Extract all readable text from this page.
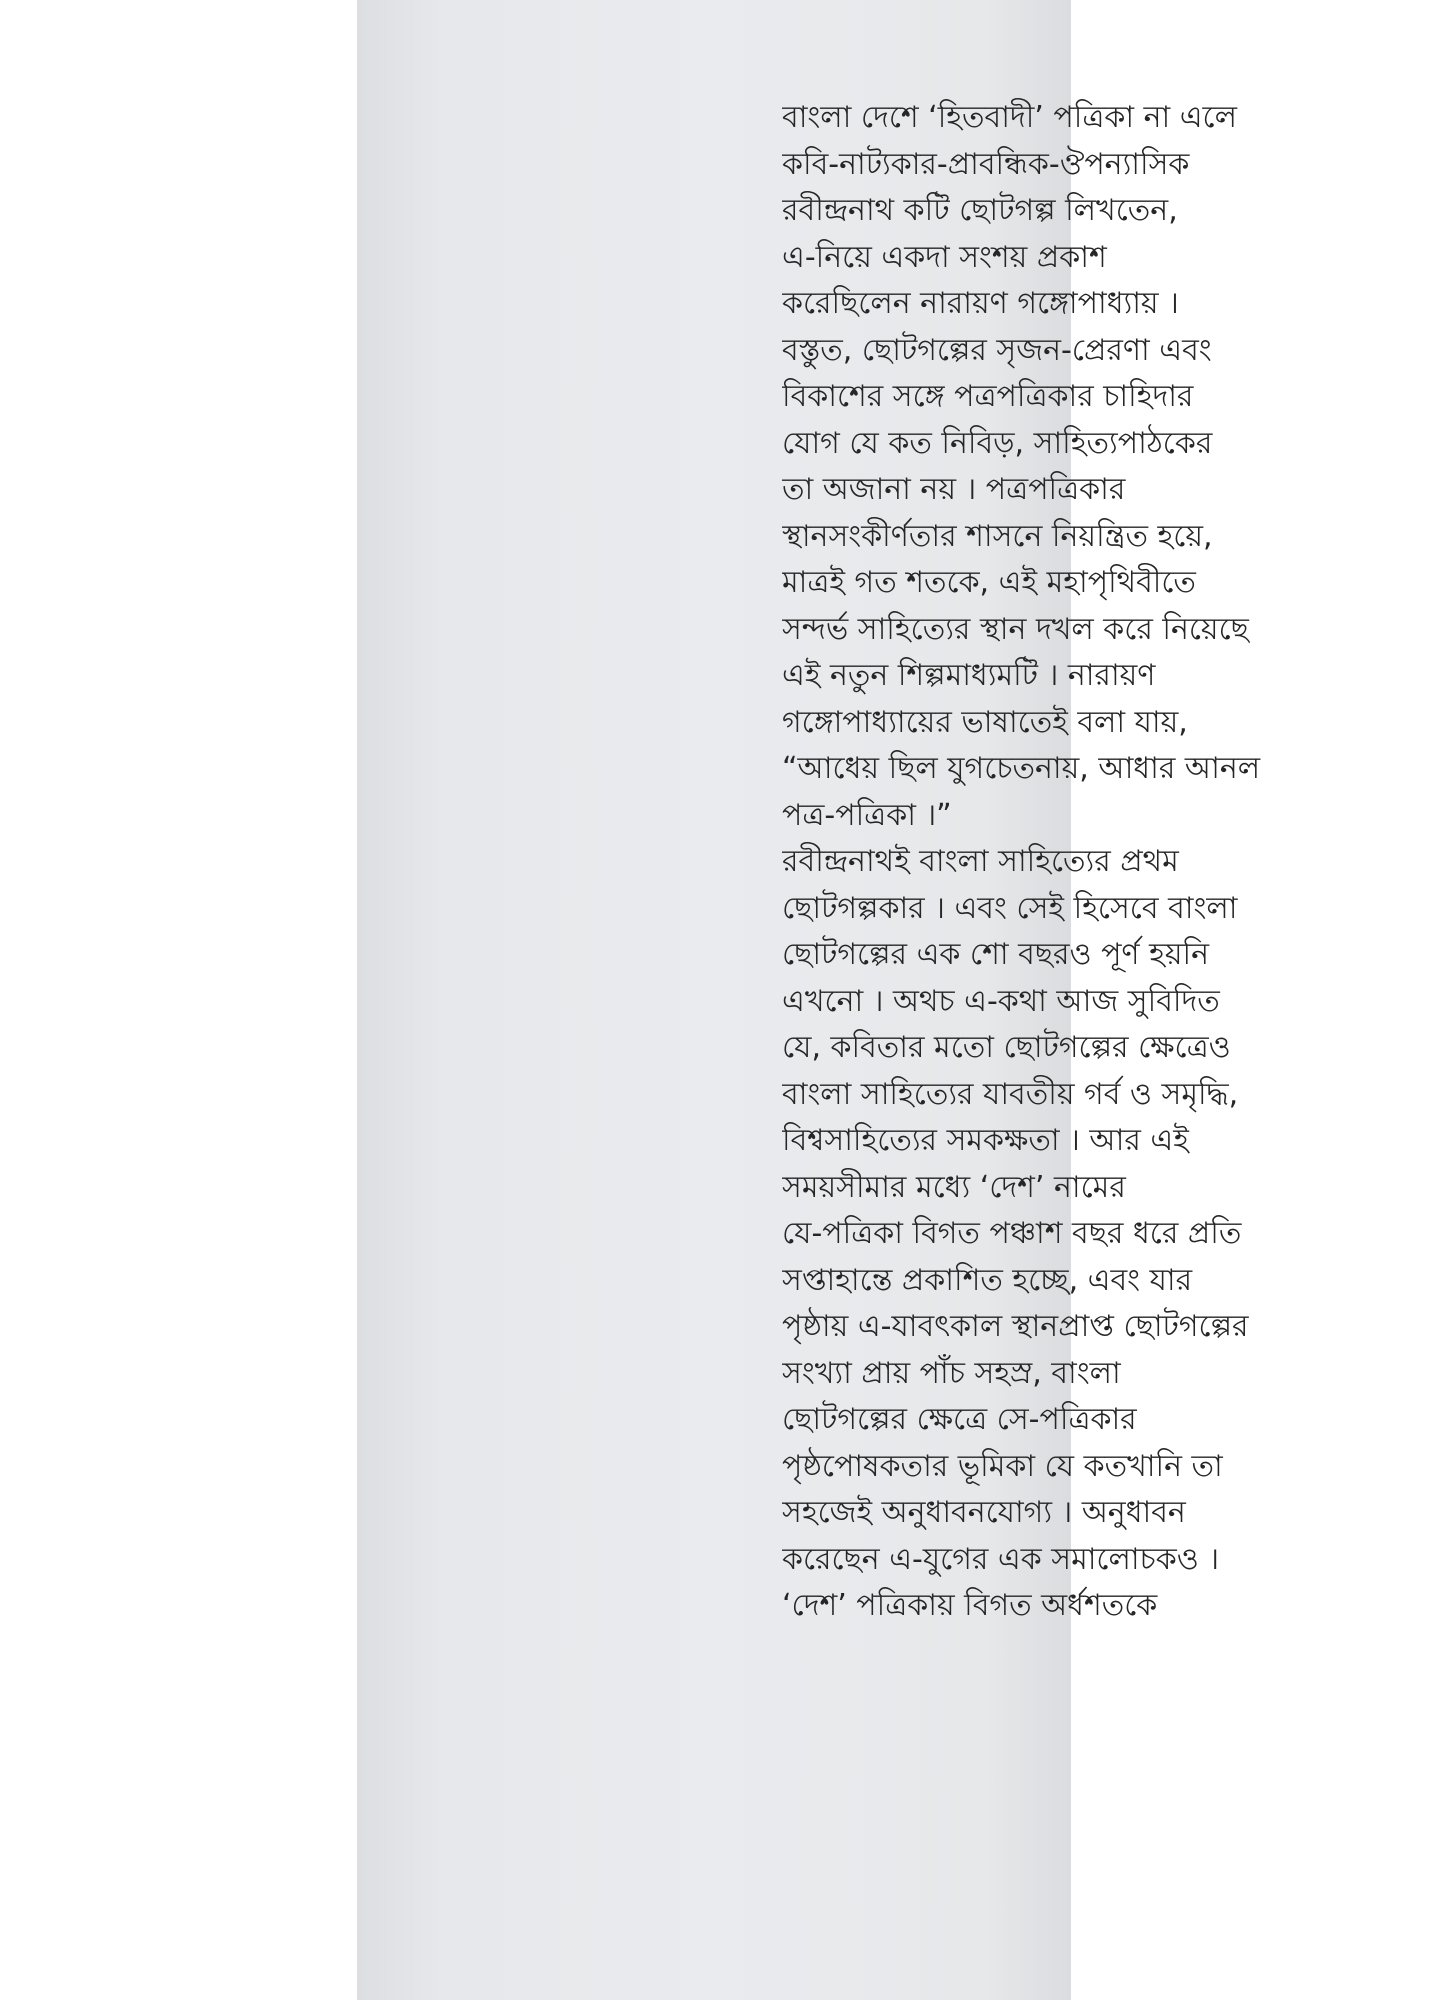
বাংলা দেশে ‘হিতবাদী’ পত্রিকা না এলে
কবি-নাট্যকার-প্রাবন্ধিক-ঔপন্যাসিক
রবীন্দ্রনাথ কটি ছোটগল্প লিখতেন,
এ-নিয়ে একদা সংশয় প্রকাশ
করেছিলেন নারায়ণ গঙ্গোপাধ্যায় ।
বস্তুত, ছোটগল্পের সৃজন-প্রেরণা এবং
বিকাশের সঙ্গে পত্রপত্রিকার চাহিদার
যোগ যে কত নিবিড়, সাহিত্যপাঠকের
তা অজানা নয় । পত্রপত্রিকার
স্থানসংকীর্ণতার শাসনে নিয়ন্ত্রিত হয়ে,
মাত্রই গত শতকে, এই মহাপৃথিবীতে
সন্দর্ভ সাহিত্যের স্থান দখল করে নিয়েছে
এই নতুন শিল্পমাধ্যমটি । নারায়ণ
গঙ্গোপাধ্যায়ের ভাষাতেই বলা যায়,
“আধেয় ছিল যুগচেতনায়, আধার আনল
পত্র-পত্রিকা ।”
রবীন্দ্রনাথই বাংলা সাহিত্যের প্রথম
ছোটগল্পকার । এবং সেই হিসেবে বাংলা
ছোটগল্পের এক শো বছরও পূর্ণ হয়নি
এখনো । অথচ এ-কথা আজ সুবিদিত
যে, কবিতার মতো ছোটগল্পের ক্ষেত্রেও
বাংলা সাহিত্যের যাবতীয় গর্ব ও সমৃদ্ধি,
বিশ্বসাহিত্যের সমকক্ষতা । আর এই
সময়সীমার মধ্যে ‘দেশ’ নামের
যে-পত্রিকা বিগত পঞ্চাশ বছর ধরে প্রতি
সপ্তাহান্তে প্রকাশিত হচ্ছে, এবং যার
পৃষ্ঠায় এ-যাবৎকাল স্থানপ্রাপ্ত ছোটগল্পের
সংখ্যা প্রায় পাঁচ সহস্র, বাংলা
ছোটগল্পের ক্ষেত্রে সে-পত্রিকার
পৃষ্ঠপোষকতার ভূমিকা যে কতখানি তা
সহজেই অনুধাবনযোগ্য । অনুধাবন
করেছেন এ-যুগের এক সমালোচকও ।
‘দেশ’ পত্রিকায় বিগত অর্ধশতকে
